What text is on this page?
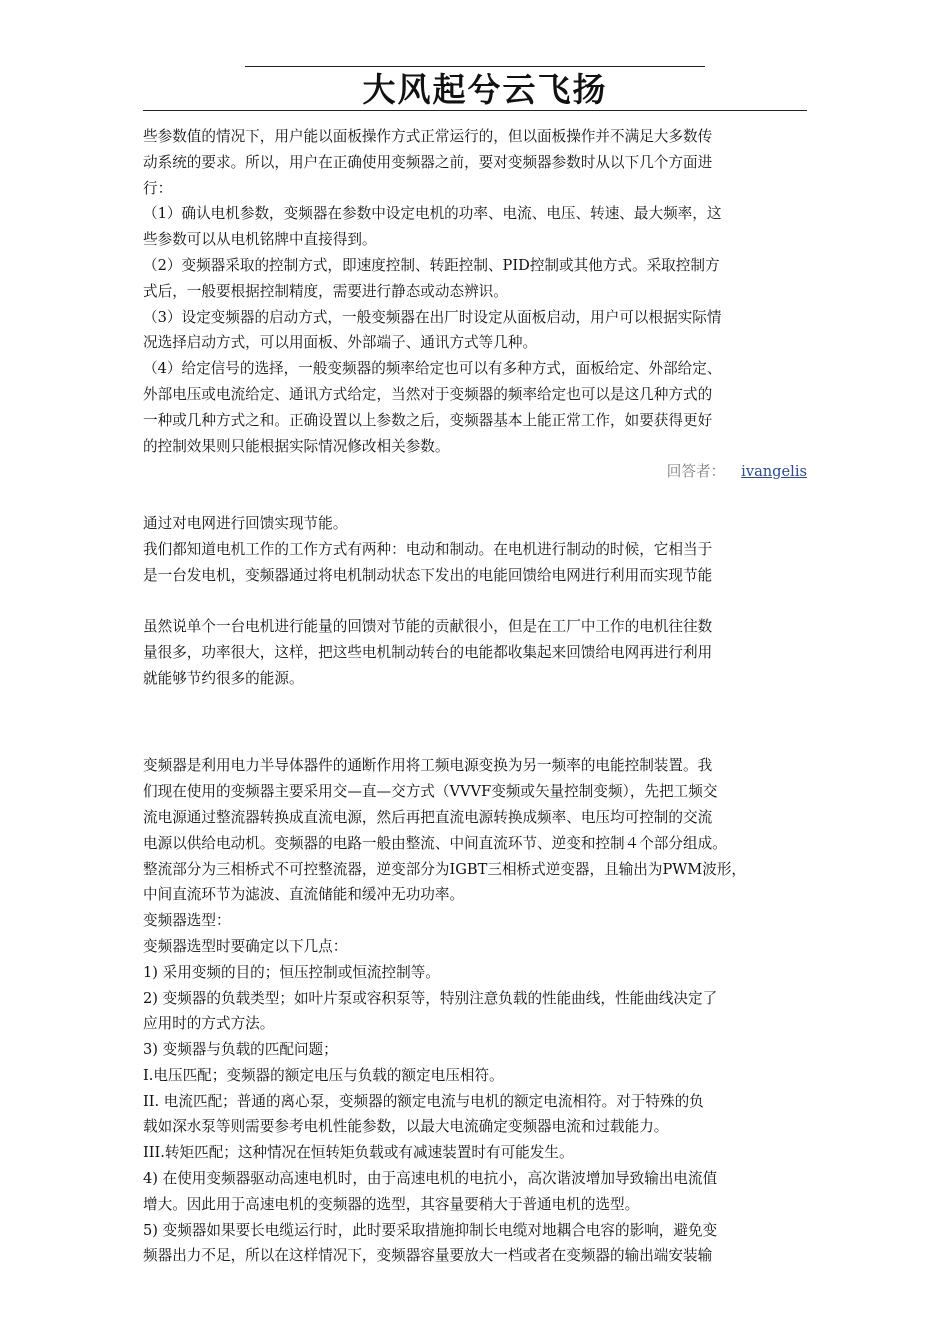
大风起兮云飞扬
些参数值的情况下，用户能以面板操作方式正常运行的，但以面板操作并不满足大多数传
动系统的要求。所以，用户在正确使用变频器之前，要对变频器参数时从以下几个方面进
行：
（1）确认电机参数，变频器在参数中设定电机的功率、电流、电压、转速、最大频率，这
些参数可以从电机铭牌中直接得到。
（2）变频器采取的控制方式，即速度控制、转距控制、PID控制或其他方式。采取控制方
式后，一般要根据控制精度，需要进行静态或动态辨识。
（3）设定变频器的启动方式，一般变频器在出厂时设定从面板启动，用户可以根据实际情
况选择启动方式，可以用面板、外部端子、通讯方式等几种。
（4）给定信号的选择，一般变频器的频率给定也可以有多种方式，面板给定、外部给定、
外部电压或电流给定、通讯方式给定，当然对于变频器的频率给定也可以是这几种方式的
一种或几种方式之和。正确设置以上参数之后，变频器基本上能正常工作，如要获得更好
的控制效果则只能根据实际情况修改相关参数。
回答者： ivangelis
通过对电网进行回馈实现节能。
我们都知道电机工作的工作方式有两种：电动和制动。在电机进行制动的时候，它相当于
是一台发电机，变频器通过将电机制动状态下发出的电能回馈给电网进行利用而实现节能
虽然说单个一台电机进行能量的回馈对节能的贡献很小，但是在工厂中工作的电机往往数
量很多，功率很大，这样，把这些电机制动转台的电能都收集起来回馈给电网再进行利用
就能够节约很多的能源。
变频器是利用电力半导体器件的通断作用将工频电源变换为另一频率的电能控制装置。我
们现在使用的变频器主要采用交—直—交方式（VVVF变频或矢量控制变频），先把工频交
流电源通过整流器转换成直流电源，然后再把直流电源转换成频率、电压均可控制的交流
电源以供给电动机。变频器的电路一般由整流、中间直流环节、逆变和控制４个部分组成。
整流部分为三相桥式不可控整流器，逆变部分为IGBT三相桥式逆变器，且输出为PWM波形，
中间直流环节为滤波、直流储能和缓冲无功功率。
变频器选型：
变频器选型时要确定以下几点：
1) 采用变频的目的；恒压控制或恒流控制等。
2) 变频器的负载类型；如叶片泵或容积泵等，特别注意负载的性能曲线，性能曲线决定了
应用时的方式方法。
3) 变频器与负载的匹配问题；
I.电压匹配；变频器的额定电压与负载的额定电压相符。
II. 电流匹配；普通的离心泵，变频器的额定电流与电机的额定电流相符。对于特殊的负
载如深水泵等则需要参考电机性能参数，以最大电流确定变频器电流和过载能力。
III.转矩匹配；这种情况在恒转矩负载或有减速装置时有可能发生。
4) 在使用变频器驱动高速电机时，由于高速电机的电抗小，高次谐波增加导致输出电流值
增大。因此用于高速电机的变频器的选型，其容量要稍大于普通电机的选型。
5) 变频器如果要长电缆运行时，此时要采取措施抑制长电缆对地耦合电容的影响，避免变
频器出力不足，所以在这样情况下，变频器容量要放大一档或者在变频器的输出端安装输
